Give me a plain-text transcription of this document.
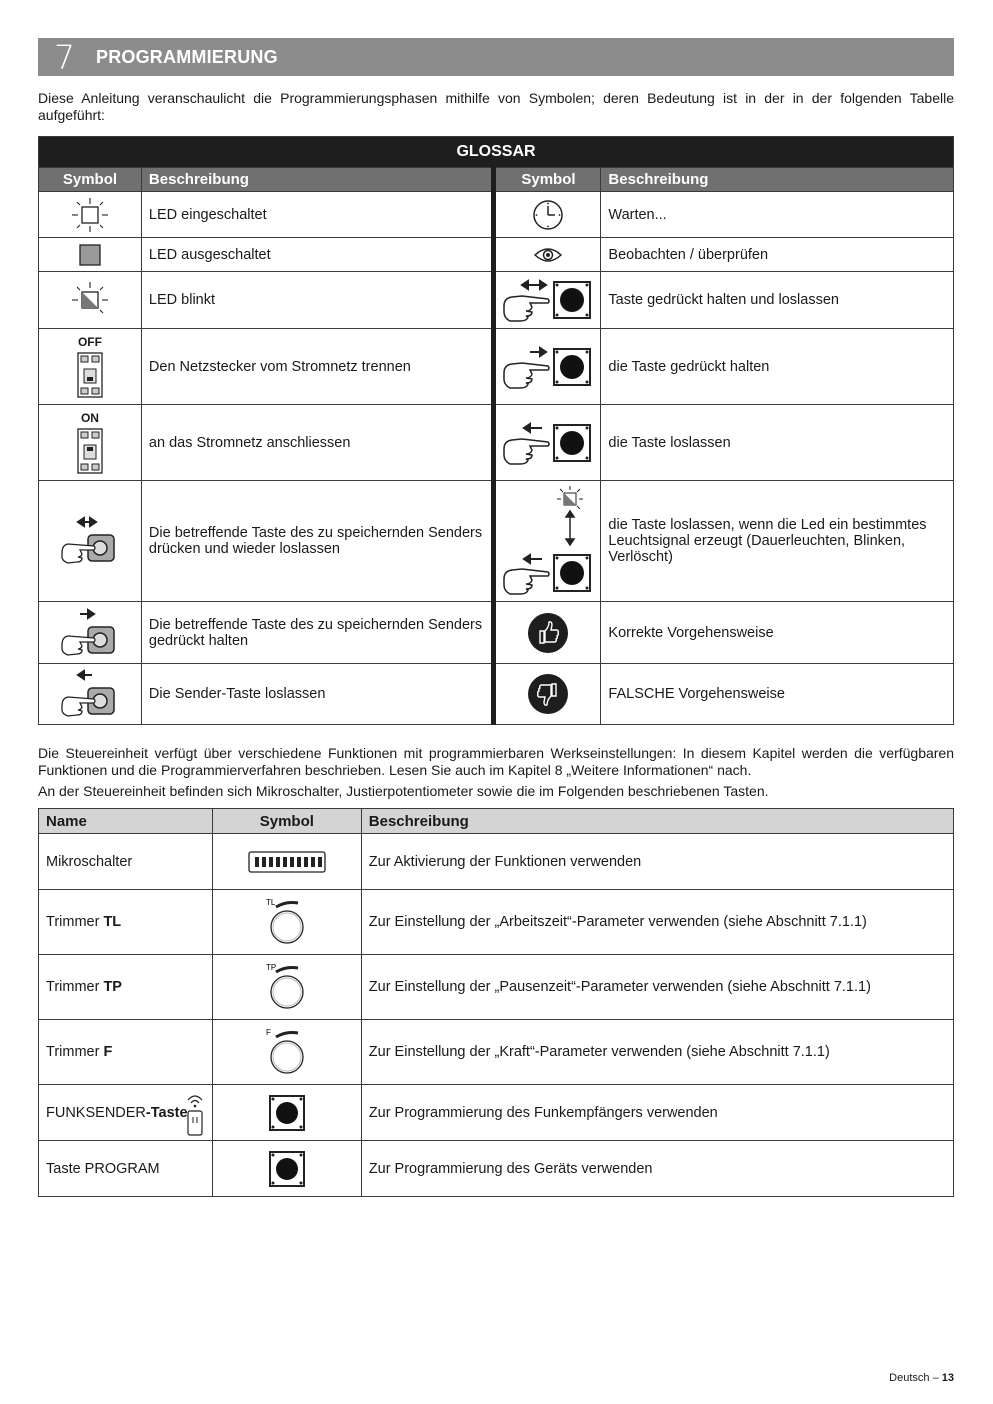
7	PROGRAMMIERUNG
Diese Anleitung veranschaulicht die Programmierungsphasen mithilfe von Symbolen; deren Bedeutung ist in der in der folgenden Tabelle aufgeführt:
GLOSSAR			
Symbol	Beschreibung	Symbol	Beschreibung
	LED eingeschaltet		Warten...
	LED ausgeschaltet		Beobachten / überprüfen
	LED blinkt		Taste gedrückt halten und loslassen

OFF	Den Netzstecker vom Stromnetz trennen		die Taste gedrückt halten

ON	an das Stromnetz anschliessen		die Taste loslassen
	Die betreffende Taste des zu speichernden Senders drücken und wieder loslassen		die Taste loslassen, wenn die Led ein bestimmtes Leuchtsignal erzeugt (Dauerleuchten, Blinken, Verlöscht)
	Die betreffende Taste des zu speichernden Senders gedrückt halten		Korrekte Vorgehensweise
	Die Sender-Taste loslassen		FALSCHE Vorgehensweise
Die Steuereinheit verfügt über verschiedene Funktionen mit programmierbaren Werkseinstellungen: In diesem Kapitel werden die verfügbaren Funktionen und die Programmierverfahren beschrieben. Lesen Sie auch im Kapitel 8 „Weitere Informationen“ nach.
An der Steuereinheit befinden sich Mikroschalter, Justierpotentiometer sowie die im Folgenden beschriebenen Tasten.
Name	Symbol	Beschreibung
Mikroschalter		Zur Aktivierung der Funktionen verwenden
Trimmer TL	TL	Zur Einstellung der „Arbeitszeit“-Parameter verwenden (siehe Abschnitt 7.1.1)
Trimmer TP	TP	Zur Einstellung der „Pausenzeit“-Parameter verwenden (siehe Abschnitt 7.1.1)
Trimmer F	F	Zur Einstellung der „Kraft“-Parameter verwenden (siehe Abschnitt 7.1.1)
FUNKSENDER-Taste		Zur Programmierung des Funkempfängers verwenden
Taste PROGRAM		Zur Programmierung des Geräts verwenden
Deutsch – 13
